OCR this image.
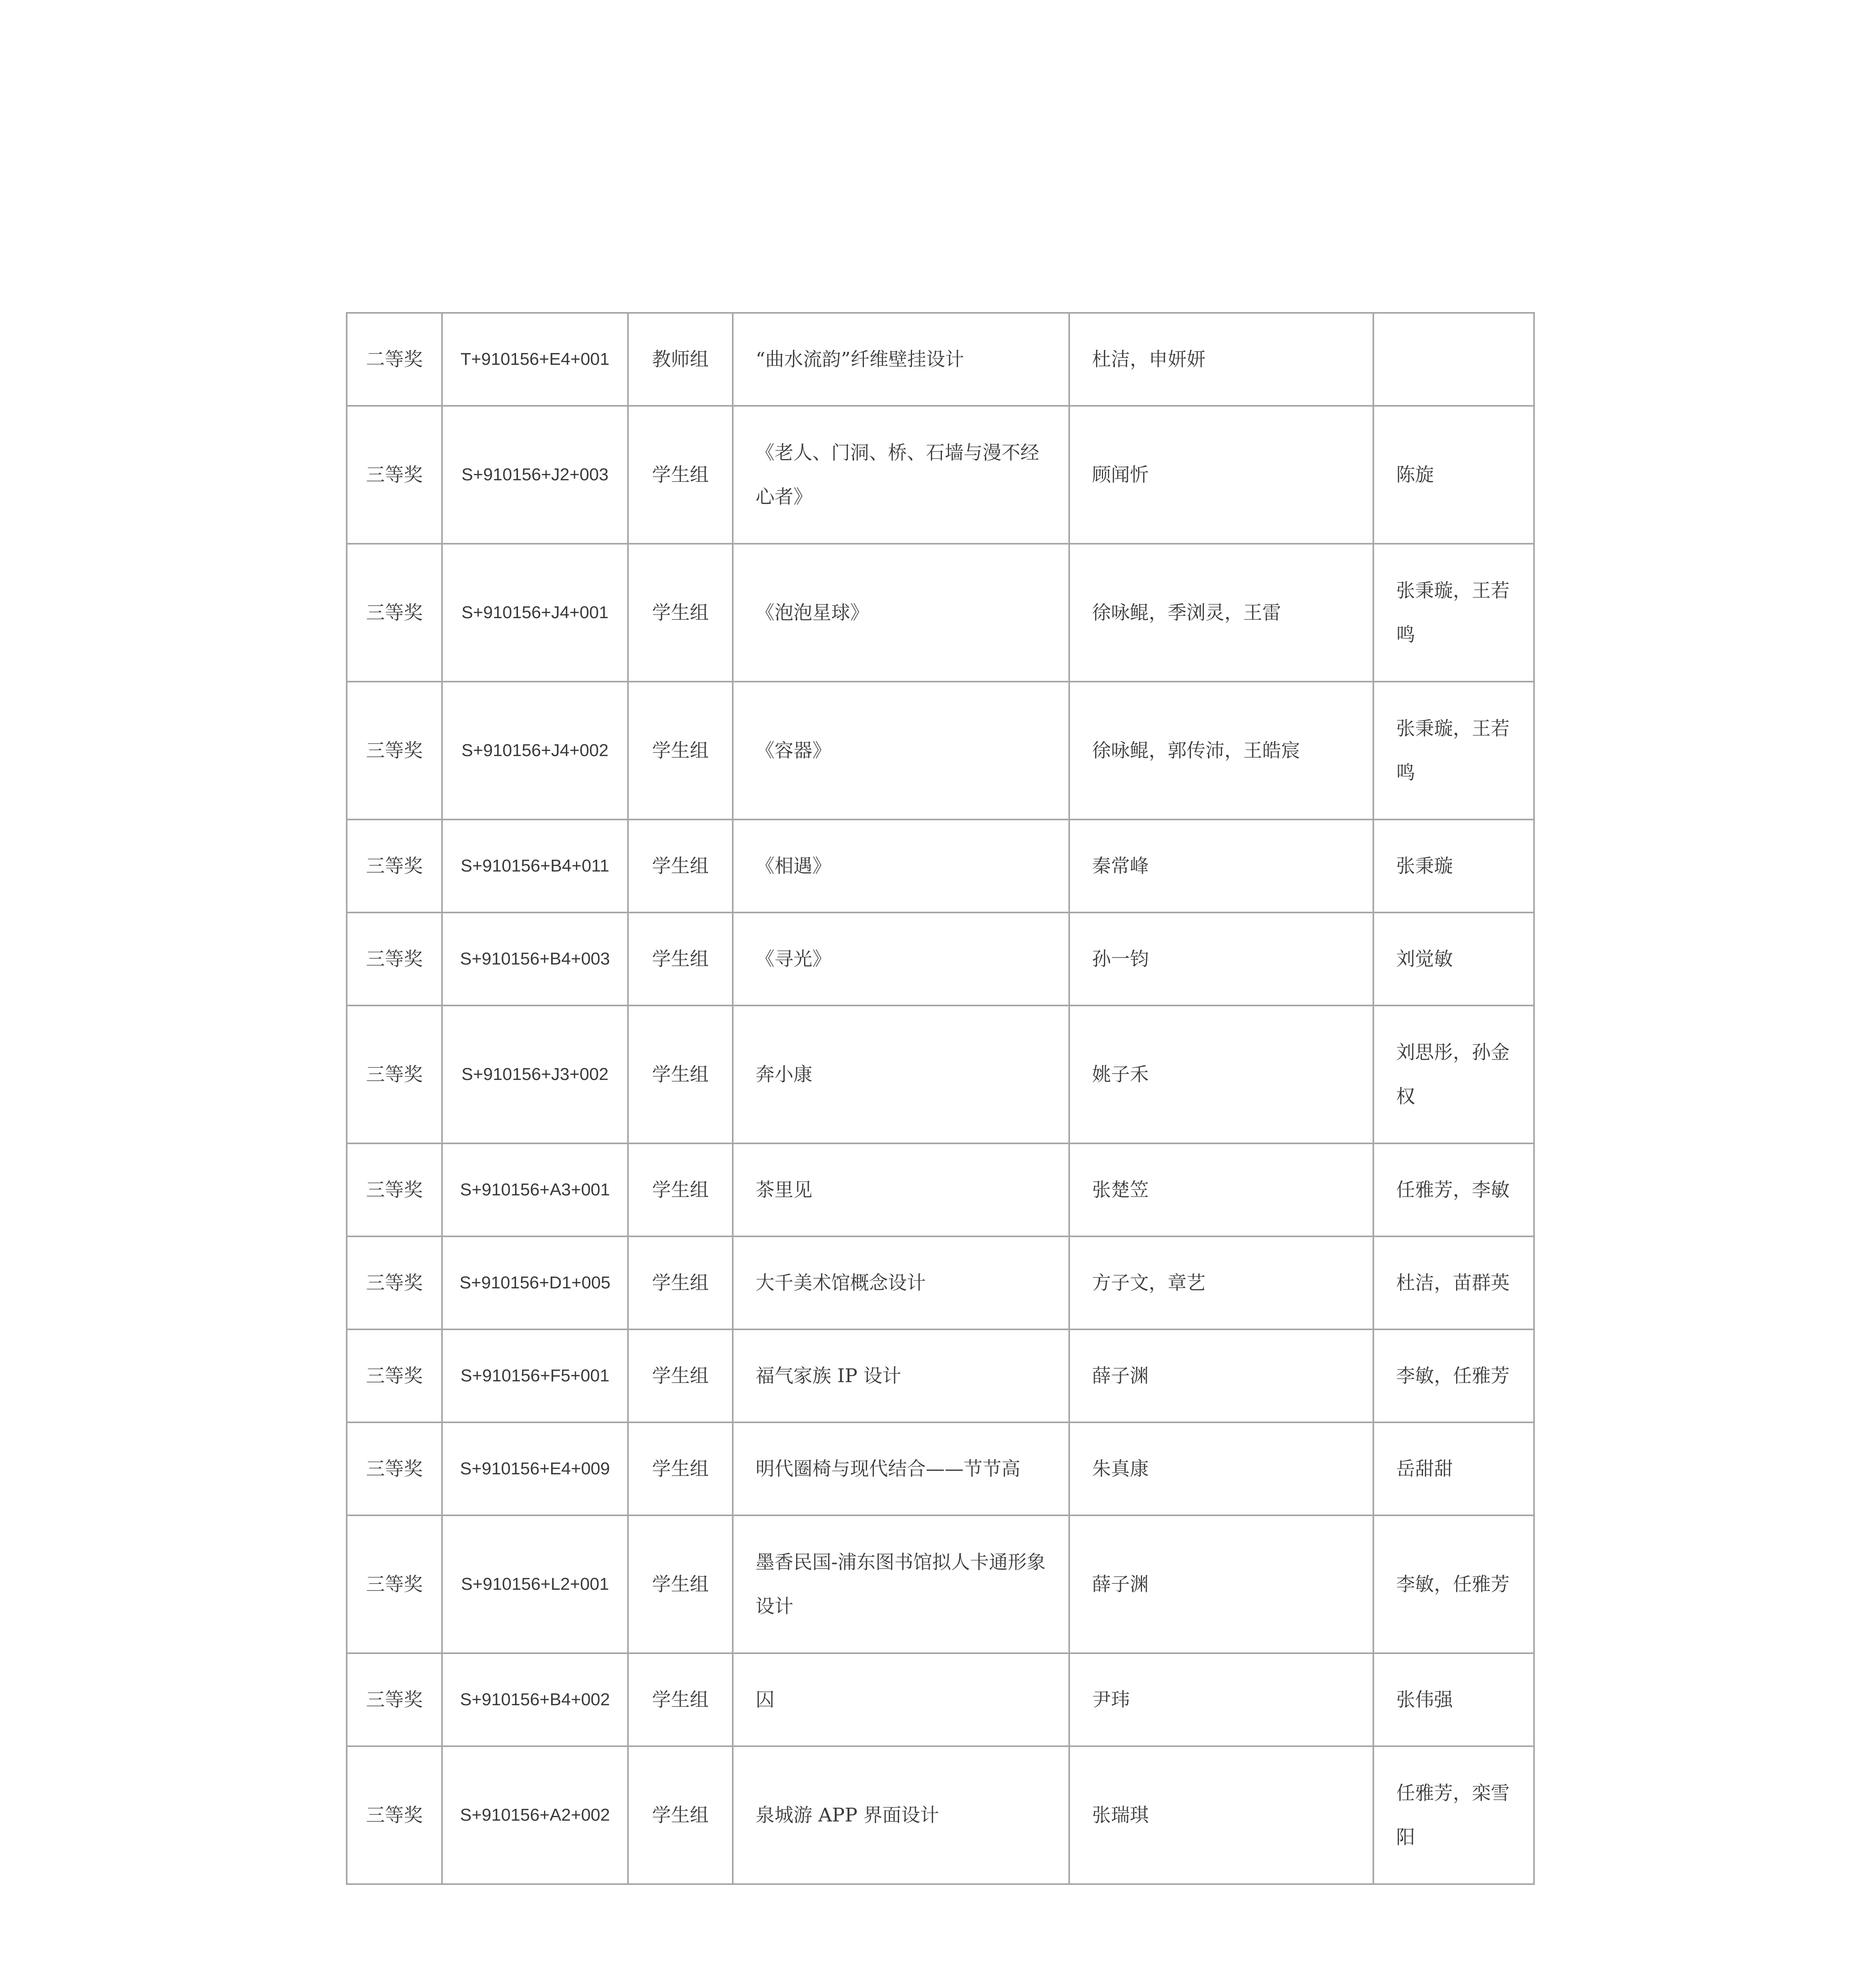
二等奖	T+910156+E4+001	教师组	“曲水流韵”纤维壁挂设计	杜洁，申妍妍	
三等奖	S+910156+J2+003	学生组	《老人、门洞、桥、石墙与漫不经心者》	顾闻忻	陈旋
三等奖	S+910156+J4+001	学生组	《泡泡星球》	徐咏鲲，季浏灵，王雷	张秉璇，王若鸣
三等奖	S+910156+J4+002	学生组	《容器》	徐咏鲲，郭传沛，王皓宸	张秉璇，王若鸣
三等奖	S+910156+B4+011	学生组	《相遇》	秦常峰	张秉璇
三等奖	S+910156+B4+003	学生组	《寻光》	孙一钧	刘觉敏
三等奖	S+910156+J3+002	学生组	奔小康	姚子禾	刘思彤，孙金权
三等奖	S+910156+A3+001	学生组	茶里见	张楚笠	任雅芳，李敏
三等奖	S+910156+D1+005	学生组	大千美术馆概念设计	方子文，章艺	杜洁，苗群英
三等奖	S+910156+F5+001	学生组	福气家族 IP 设计	薛子渊	李敏，任雅芳
三等奖	S+910156+E4+009	学生组	明代圈椅与现代结合——节节高	朱真康	岳甜甜
三等奖	S+910156+L2+001	学生组	墨香民国-浦东图书馆拟人卡通形象设计	薛子渊	李敏，任雅芳
三等奖	S+910156+B4+002	学生组	囚	尹玮	张伟强
三等奖	S+910156+A2+002	学生组	泉城游 APP 界面设计	张瑞琪	任雅芳，栾雪阳
